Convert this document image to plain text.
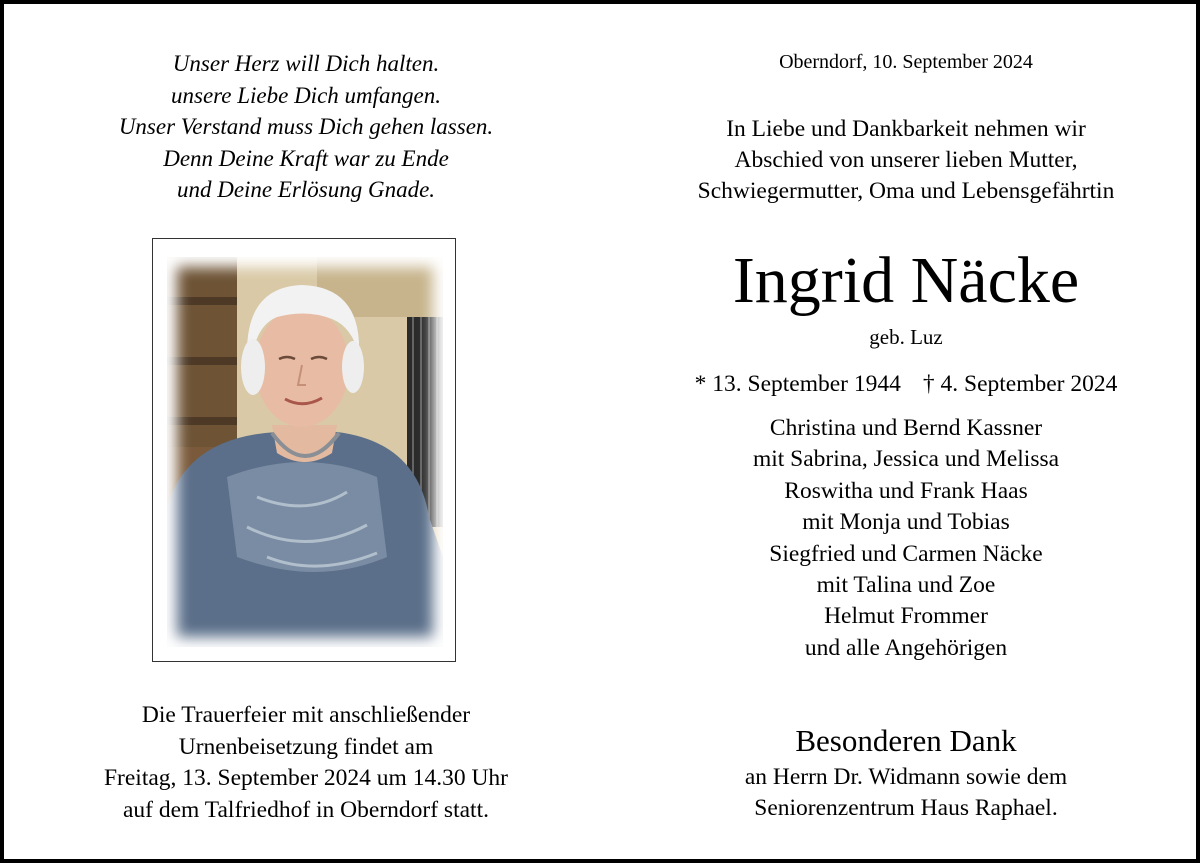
Unser Herz will Dich halten.
unsere Liebe Dich umfangen.
Unser Verstand muss Dich gehen lassen.
Denn Deine Kraft war zu Ende
und Deine Erlösung Gnade.
Die Trauerfeier mit anschließender
Urnenbeisetzung findet am
Freitag, 13. September 2024 um 14.30 Uhr
auf dem Talfriedhof in Oberndorf statt.
Oberndorf, 10. September 2024
In Liebe und Dankbarkeit nehmen wir
Abschied von unserer lieben Mutter,
Schwiegermutter, Oma und Lebensgefährtin
Ingrid Näcke
geb. Luz
* 13. September 1944 † 4. September 2024
Christina und Bernd Kassner
mit Sabrina, Jessica und Melissa
Roswitha und Frank Haas
mit Monja und Tobias
Siegfried und Carmen Näcke
mit Talina und Zoe
Helmut Frommer
und alle Angehörigen
Besonderen Dank
an Herrn Dr. Widmann sowie dem
Seniorenzentrum Haus Raphael.
